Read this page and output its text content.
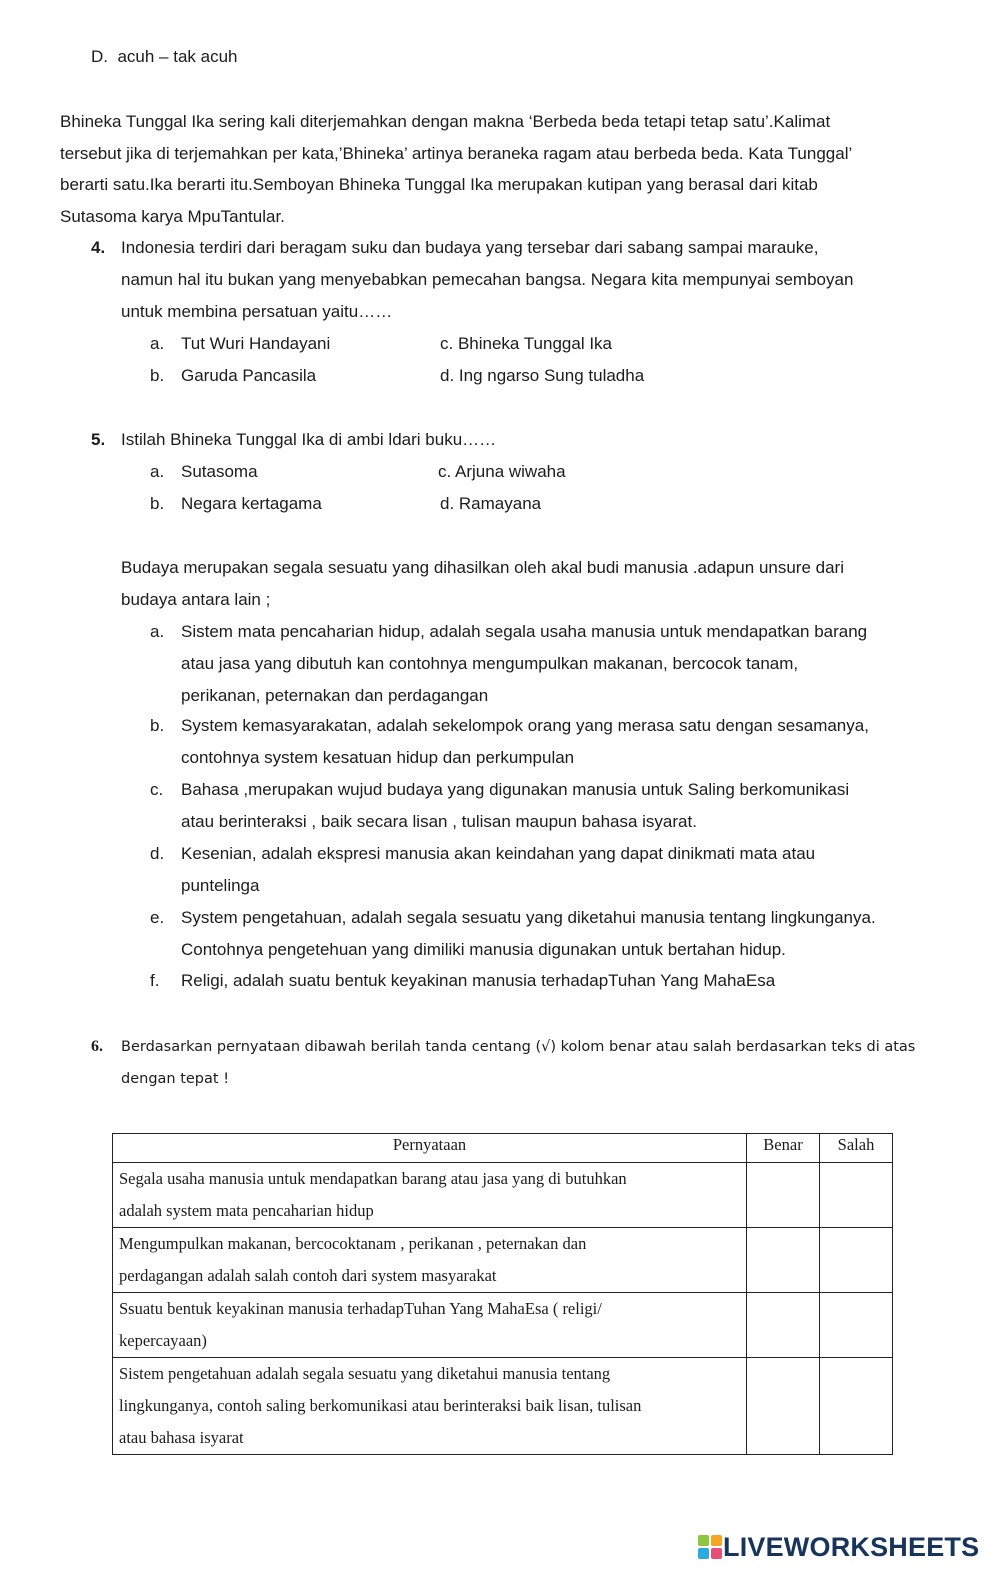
D. acuh – tak acuh
Bhineka Tunggal Ika sering kali diterjemahkan dengan makna ‘Berbeda beda tetapi tetap satu’.Kalimat
tersebut jika di terjemahkan per kata,’Bhineka’ artinya beraneka ragam atau berbeda beda. Kata Tunggal’
berarti satu.Ika berarti itu.Semboyan Bhineka Tunggal Ika merupakan kutipan yang berasal dari kitab
Sutasoma karya MpuTantular.
4. Indonesia terdiri dari beragam suku dan budaya yang tersebar dari sabang sampai marauke,
namun hal itu bukan yang menyebabkan pemecahan bangsa. Negara kita mempunyai semboyan
untuk membina persatuan yaitu……
a. Tut Wuri Handayani	c. Bhineka Tunggal Ika
b. Garuda Pancasila	d. Ing ngarso Sung tuladha
5. Istilah Bhineka Tunggal Ika di ambi ldari buku……
a. Sutasoma	c. Arjuna wiwaha
b. Negara kertagama	d. Ramayana
Budaya merupakan segala sesuatu yang dihasilkan oleh akal budi manusia .adapun unsure dari
budaya antara lain ;
a. Sistem mata pencaharian hidup, adalah segala usaha manusia untuk mendapatkan barang
atau jasa yang dibutuh kan contohnya mengumpulkan makanan, bercocok tanam,
perikanan, peternakan dan perdagangan
b. System kemasyarakatan, adalah sekelompok orang yang merasa satu dengan sesamanya,
contohnya system kesatuan hidup dan perkumpulan
c. Bahasa ,merupakan wujud budaya yang digunakan manusia untuk Saling berkomunikasi
atau berinteraksi , baik secara lisan , tulisan maupun bahasa isyarat.
d. Kesenian, adalah ekspresi manusia akan keindahan yang dapat dinikmati mata atau
puntelinga
e. System pengetahuan, adalah segala sesuatu yang diketahui manusia tentang lingkunganya.
Contohnya pengetehuan yang dimiliki manusia digunakan untuk bertahan hidup.
f. Religi, adalah suatu bentuk keyakinan manusia terhadapTuhan Yang MahaEsa
6. Berdasarkan pernyataan dibawah berilah tanda centang (√) kolom benar atau salah berdasarkan teks di atas
dengan tepat !
Pernyataan	Benar	Salah

Segala usaha manusia untuk mendapatkan barang atau jasa yang di butuhkan
adalah system mata pencaharian hidup		

Mengumpulkan makanan, bercocoktanam , perikanan , peternakan dan
perdagangan adalah salah contoh dari system masyarakat		

Ssuatu bentuk keyakinan manusia terhadapTuhan Yang MahaEsa ( religi/
kepercayaan)		

Sistem pengetahuan adalah segala sesuatu yang diketahui manusia tentang
lingkunganya, contoh saling berkomunikasi atau berinteraksi baik lisan, tulisan
atau bahasa isyarat		

LIVEWORKSHEETS
